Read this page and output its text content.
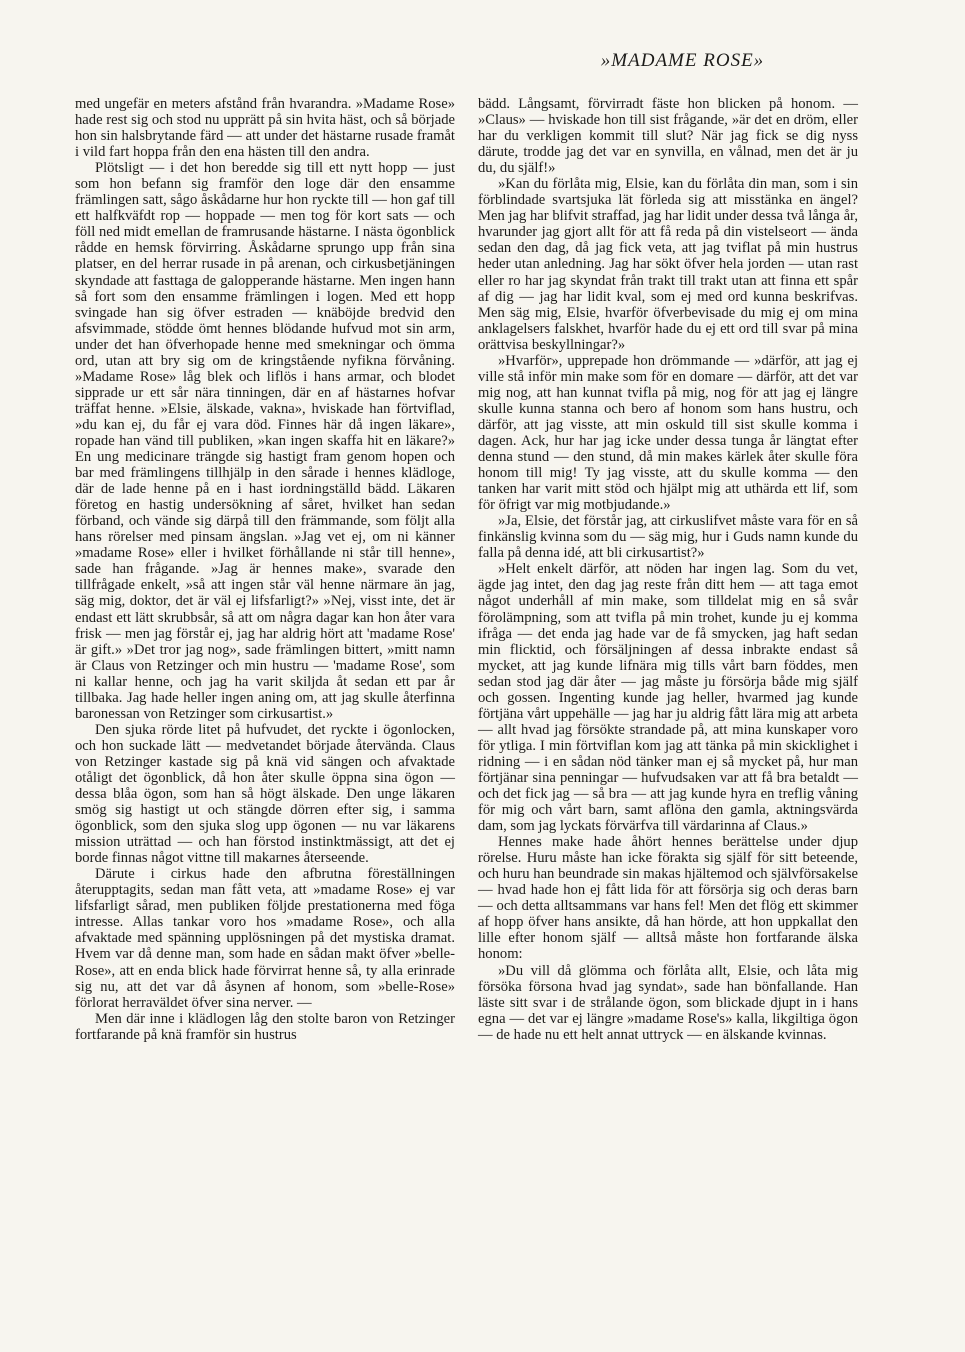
»MADAME ROSE»

med ungefär en meters afstånd från hvarandra. »Madame Rose» hade rest sig och stod nu upprätt på sin hvita häst, och så började hon sin halsbrytande färd — att under det hästarne rusade framåt i vild fart hoppa från den ena hästen till den andra.

Plötsligt — i det hon beredde sig till ett nytt hopp — just som hon befann sig framför den loge där den ensamme främlingen satt, sågo åskådarne hur hon ryckte till — hon gaf till ett halfkväfdt rop — hoppade — men tog för kort sats — och föll ned midt emellan de framrusande hästarne. I nästa ögonblick rådde en hemsk förvirring. Åskådarne sprungo upp från sina platser, en del herrar rusade in på arenan, och cirkusbetjäningen skyndade att fasttaga de galopperande hästarne. Men ingen hann så fort som den ensamme främlingen i logen. Med ett hopp svingade han sig öfver estraden — knäböjde bredvid den afsvimmade, stödde ömt hennes blödande hufvud mot sin arm, under det han öfverhopade henne med smekningar och ömma ord, utan att bry sig om de kringstående nyfikna förvåning. »Madame Rose» låg blek och liflös i hans armar, och blodet sipprade ur ett sår nära tinningen, där en af hästarnes hofvar träffat henne. »Elsie, älskade, vakna», hviskade han förtviflad, »du kan ej, du får ej vara död. Finnes här då ingen läkare», ropade han vänd till publiken, »kan ingen skaffa hit en läkare?» En ung medicinare trängde sig hastigt fram genom hopen och bar med främlingens tillhjälp in den sårade i hennes klädloge, där de lade henne på en i hast iordningställd bädd. Läkaren företog en hastig undersökning af såret, hvilket han sedan förband, och vände sig därpå till den främmande, som följt alla hans rörelser med pinsam ängslan. »Jag vet ej, om ni känner »madame Rose» eller i hvilket förhållande ni står till henne», sade han frågande. »Jag är hennes make», svarade den tillfrågade enkelt, »så att ingen står väl henne närmare än jag, säg mig, doktor, det är väl ej lifsfarligt?» »Nej, visst inte, det är endast ett lätt skrubbsår, så att om några dagar kan hon åter vara frisk — men jag förstår ej, jag har aldrig hört att 'madame Rose' är gift.» »Det tror jag nog», sade främlingen bittert, »mitt namn är Claus von Retzinger och min hustru — 'madame Rose', som ni kallar henne, och jag ha varit skiljda åt sedan ett par år tillbaka. Jag hade heller ingen aning om, att jag skulle återfinna baronessan von Retzinger som cirkusartist.»

Den sjuka rörde litet på hufvudet, det ryckte i ögonlocken, och hon suckade lätt — medvetandet började återvända. Claus von Retzinger kastade sig på knä vid sängen och afvaktade otåligt det ögonblick, då hon åter skulle öppna sina ögon — dessa blåa ögon, som han så högt älskade. Den unge läkaren smög sig hastigt ut och stängde dörren efter sig, i samma ögonblick, som den sjuka slog upp ögonen — nu var läkarens mission uträttad — och han förstod instinktmässigt, att det ej borde finnas något vittne till makarnes återseende.

Därute i cirkus hade den afbrutna föreställningen återupptagits, sedan man fått veta, att »madame Rose» ej var lifsfarligt sårad, men publiken följde prestationerna med föga intresse. Allas tankar voro hos »madame Rose», och alla afvaktade med spänning upplösningen på det mystiska dramat. Hvem var då denne man, som hade en sådan makt öfver »belle-Rose», att en enda blick hade förvirrat henne så, ty alla erinrade sig nu, att det var då åsynen af honom, som »belle-Rose» förlorat herraväldet öfver sina nerver. —

Men där inne i klädlogen låg den stolte baron von Retzinger fortfarande på knä framför sin hustrus

bädd. Långsamt, förvirradt fäste hon blicken på honom. — »Claus» — hviskade hon till sist frågande, »är det en dröm, eller har du verkligen kommit till slut? När jag fick se dig nyss därute, trodde jag det var en synvilla, en vålnad, men det är ju du, du själf!»

»Kan du förlåta mig, Elsie, kan du förlåta din man, som i sin förblindade svartsjuka lät förleda sig att misstänka en ängel? Men jag har blifvit straffad, jag har lidit under dessa två långa år, hvarunder jag gjort allt för att få reda på din vistelseort — ända sedan den dag, då jag fick veta, att jag tviflat på min hustrus heder utan anledning. Jag har sökt öfver hela jorden — utan rast eller ro har jag skyndat från trakt till trakt utan att finna ett spår af dig — jag har lidit kval, som ej med ord kunna beskrifvas. Men säg mig, Elsie, hvarför öfverbevisade du mig ej om mina anklagelsers falskhet, hvarför hade du ej ett ord till svar på mina orättvisa beskyllningar?»

»Hvarför», upprepade hon drömmande — »därför, att jag ej ville stå inför min make som för en domare — därför, att det var mig nog, att han kunnat tvifla på mig, nog för att jag ej längre skulle kunna stanna och bero af honom som hans hustru, och därför, att jag visste, att min oskuld till sist skulle komma i dagen. Ack, hur har jag icke under dessa tunga år längtat efter denna stund — den stund, då min makes kärlek åter skulle föra honom till mig! Ty jag visste, att du skulle komma — den tanken har varit mitt stöd och hjälpt mig att uthärda ett lif, som för öfrigt var mig motbjudande.»

»Ja, Elsie, det förstår jag, att cirkuslifvet måste vara för en så finkänslig kvinna som du — säg mig, hur i Guds namn kunde du falla på denna idé, att bli cirkusartist?»

»Helt enkelt därför, att nöden har ingen lag. Som du vet, ägde jag intet, den dag jag reste från ditt hem — att taga emot något underhåll af min make, som tilldelat mig en så svår förolämpning, som att tvifla på min trohet, kunde ju ej komma ifråga — det enda jag hade var de få smycken, jag haft sedan min flicktid, och försäljningen af dessa inbrakte endast så mycket, att jag kunde lifnära mig tills vårt barn föddes, men sedan stod jag där åter — jag måste ju försörja både mig själf och gossen. Ingenting kunde jag heller, hvarmed jag kunde förtjäna vårt uppehälle — jag har ju aldrig fått lära mig att arbeta — allt hvad jag försökte strandade på, att mina kunskaper voro för ytliga. I min förtviflan kom jag att tänka på min skicklighet i ridning — i en sådan nöd tänker man ej så mycket på, hur man förtjänar sina penningar — hufvudsaken var att få bra betaldt — och det fick jag — så bra — att jag kunde hyra en treflig våning för mig och vårt barn, samt aflöna den gamla, aktningsvärda dam, som jag lyckats förvärfva till värdarinna af Claus.»

Hennes make hade åhört hennes berättelse under djup rörelse. Huru måste han icke förakta sig själf för sitt beteende, och huru han beundrade sin makas hjältemod och självförsakelse — hvad hade hon ej fått lida för att försörja sig och deras barn — och detta alltsammans var hans fel! Men det flög ett skimmer af hopp öfver hans ansikte, då han hörde, att hon uppkallat den lille efter honom själf — alltså måste hon fortfarande älska honom:

»Du vill då glömma och förlåta allt, Elsie, och låta mig försöka försona hvad jag syndat», sade han bönfallande. Han läste sitt svar i de strålande ögon, som blickade djupt in i hans egna — det var ej längre »madame Rose's» kalla, likgiltiga ögon — de hade nu ett helt annat uttryck — en älskande kvinnas.
